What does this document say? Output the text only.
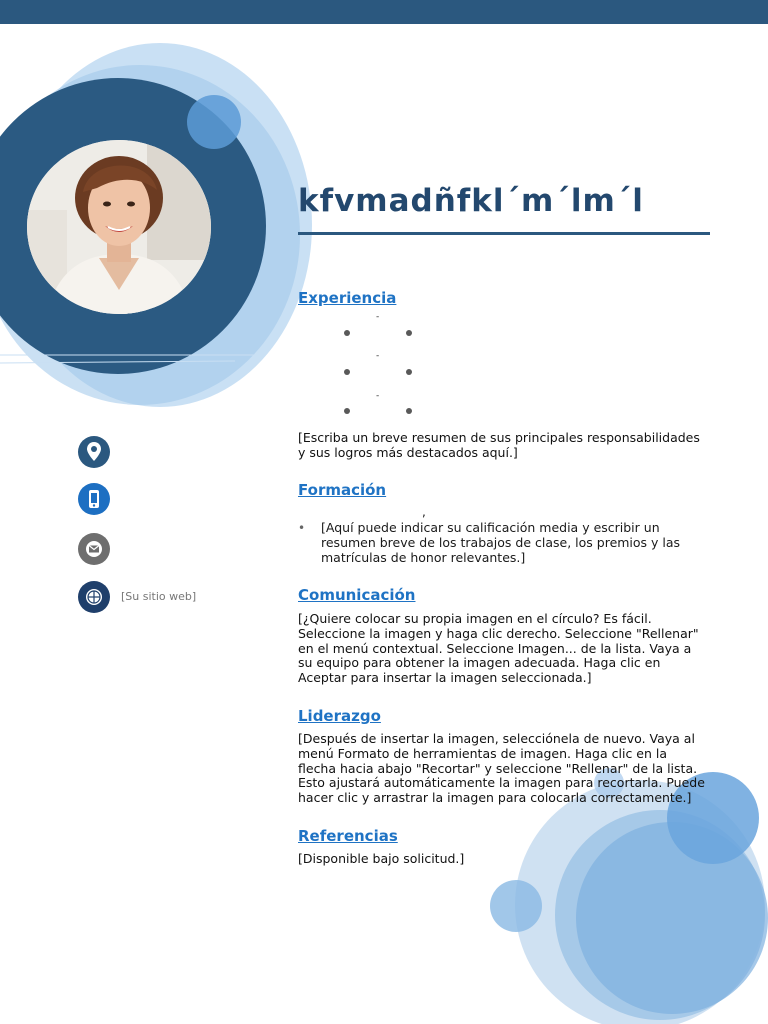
kfvmadñfkl´m´lm´l
Experiencia
-
-
-
[Escriba un breve resumen de sus principales responsabilidades y sus logros más destacados aquí.]
Formación
,
• [Aquí puede indicar su calificación media y escribir un resumen breve de los trabajos de clase, los premios y las matrículas de honor relevantes.]
Comunicación
[¿Quiere colocar su propia imagen en el círculo? Es fácil. Seleccione la imagen y haga clic derecho. Seleccione "Rellenar" en el menú contextual. Seleccione Imagen... de la lista. Vaya a su equipo para obtener la imagen adecuada. Haga clic en Aceptar para insertar la imagen seleccionada.]
Liderazgo
[Después de insertar la imagen, selecciónela de nuevo. Vaya al menú Formato de herramientas de imagen. Haga clic en la flecha hacia abajo "Recortar" y seleccione "Rellenar" de la lista. Esto ajustará automáticamente la imagen para recortarla. Puede hacer clic y arrastrar la imagen para colocarla correctamente.]
Referencias
[Disponible bajo solicitud.]
[Su sitio web]
